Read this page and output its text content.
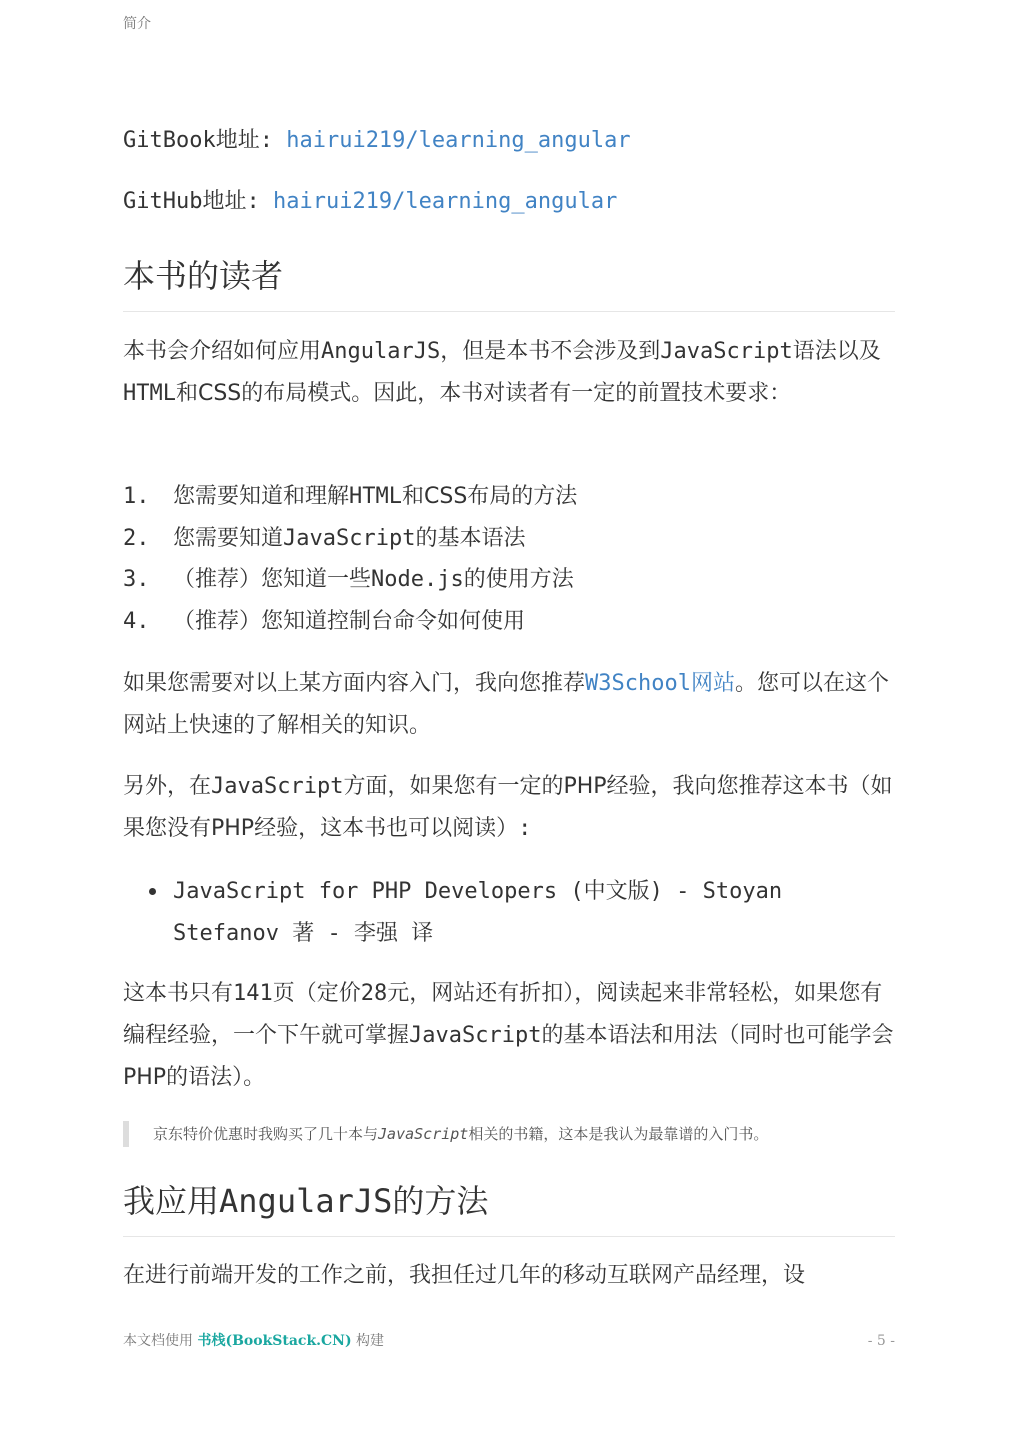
简介
GitBook地址: hairui219/learning_angular
GitHub地址: hairui219/learning_angular
本书的读者

本书会介绍如何应用AngularJS，但是本书不会涉及到JavaScript语法以及HTML和CSS的布局模式。因此，本书对读者有一定的前置技术要求：

1. 您需要知道和理解HTML和CSS布局的方法
2. 您需要知道JavaScript的基本语法
3. （推荐）您知道一些Node.js的使用方法
4. （推荐）您知道控制台命令如何使用

如果您需要对以上某方面内容入门，我向您推荐W3School网站。您可以在这个网站上快速的了解相关的知识。

另外，在JavaScript方面，如果您有一定的PHP经验，我向您推荐这本书（如果您没有PHP经验，这本书也可以阅读）:

JavaScript for PHP Developers (中文版) - Stoyan Stefanov 著 - 李强 译

这本书只有141页（定价28元，网站还有折扣），阅读起来非常轻松，如果您有编程经验，一个下午就可掌握JavaScript的基本语法和用法（同时也可能学会PHP的语法）。

京东特价优惠时我购买了几十本与JavaScript相关的书籍，这本是我认为最靠谱的入门书。
我应用AngularJS的方法

在进行前端开发的工作之前，我担任过几年的移动互联网产品经理，设

本文档使用 书栈(BookStack.CN) 构建	- 5 -
